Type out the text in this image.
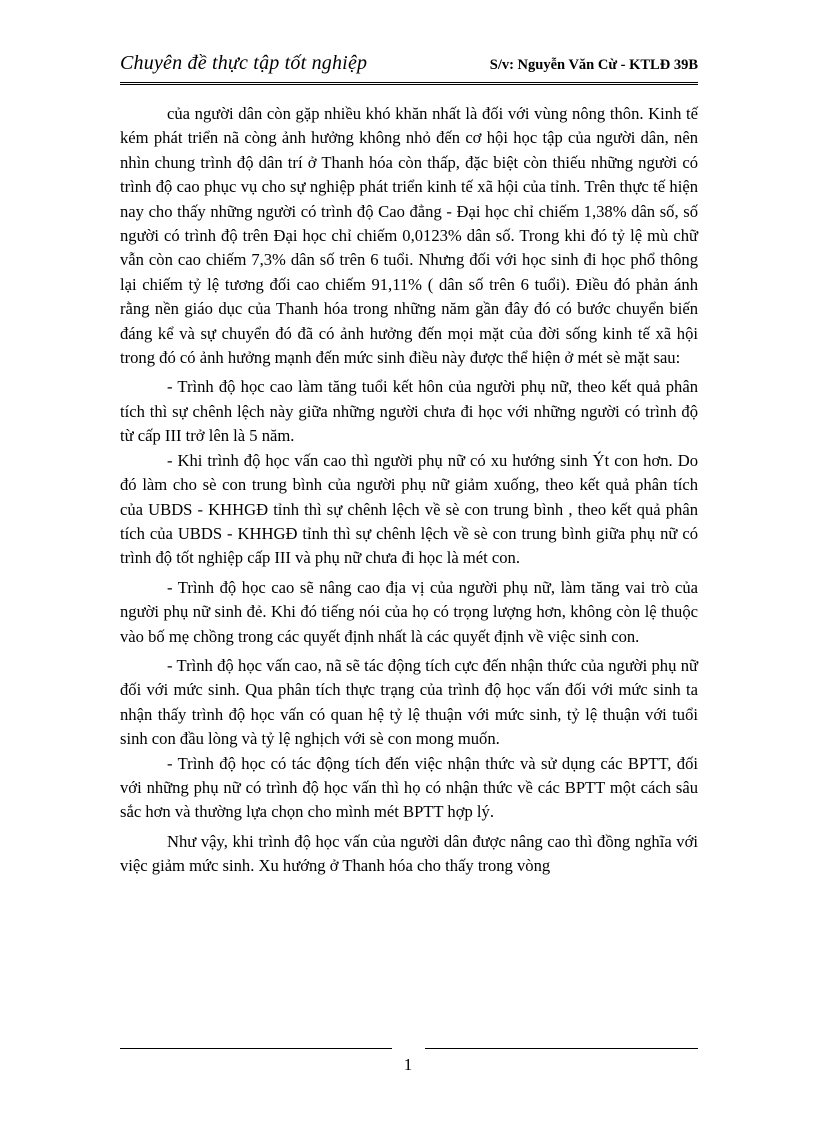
Chuyên đề thực tập tốt nghiệp	S/v: Nguyễn Văn Cừ - KTLĐ 39B

của người dân còn gặp nhiều khó khăn nhất là đối với vùng nông thôn. Kinh tế kém phát triển nã còng ảnh hưởng không nhỏ đến cơ hội học tập của người dân, nên nhìn chung trình độ dân trí ở Thanh hóa còn thấp, đặc biệt còn thiếu những người có trình độ cao phục vụ cho sự nghiệp phát triển kinh tế xã hội của tỉnh. Trên thực tế hiện nay cho thấy những người có trình độ Cao đẳng - Đại học chỉ chiếm 1,38% dân số, số người có trình độ trên Đại học chỉ chiếm 0,0123% dân số. Trong khi đó tỷ lệ mù chữ vẫn còn cao chiếm 7,3% dân số trên 6 tuổi. Nhưng đối với học sinh đi học phổ thông lại chiếm tỷ lệ tương đối cao chiếm 91,11% ( dân số trên 6 tuổi). Điều đó phản ánh rằng nền giáo dục của Thanh hóa trong những năm gần đây đó có bước chuyển biến đáng kể và sự chuyển đó đã có ảnh hưởng đến mọi mặt của đời sống kinh tế xã hội trong đó có ảnh hưởng mạnh đến mức sinh điều này được thể hiện ở mét sè mặt sau:

- Trình độ học cao làm tăng tuổi kết hôn của người phụ nữ, theo kết quả phân tích thì sự chênh lệch này giữa những người chưa đi học với những người có trình độ từ cấp III trở lên là 5 năm.

- Khi trình độ học vấn cao thì người phụ nữ có xu hướng sinh Ýt con hơn. Do đó làm cho sè con trung bình của người phụ nữ giảm xuống, theo kết quả phân tích của UBDS - KHHGĐ tỉnh thì sự chênh lệch về sè con trung bình , theo kết quả phân tích của UBDS - KHHGĐ tỉnh thì sự chênh lệch về sè con trung bình giữa phụ nữ có trình độ tốt nghiệp cấp III và phụ nữ chưa đi học là mét con.

- Trình độ học cao sẽ nâng cao địa vị của người phụ nữ, làm tăng vai trò của người phụ nữ sinh đẻ. Khi đó tiếng nói của họ có trọng lượng hơn, không còn lệ thuộc vào bố mẹ chồng trong các quyết định nhất là các quyết định về việc sinh con.

- Trình độ học vấn cao, nã sẽ tác động tích cực đến nhận thức của người phụ nữ đối với mức sinh. Qua phân tích thực trạng của trình độ học vấn đối với mức sinh ta nhận thấy trình độ học vấn có quan hệ tỷ lệ thuận với mức sinh, tỷ lệ thuận với tuổi sinh con đầu lòng và tỷ lệ nghịch với sè con mong muốn.

- Trình độ học có tác động tích đến việc nhận thức và sử dụng các BPTT, đối với những phụ nữ có trình độ học vấn thì họ có nhận thức về các BPTT một cách sâu sắc hơn và thường lựa chọn cho mình mét BPTT hợp lý.

Như vậy, khi trình độ học vấn của người dân được nâng cao thì đồng nghĩa với việc giảm mức sinh. Xu hướng ở Thanh hóa cho thấy trong vòng

1
